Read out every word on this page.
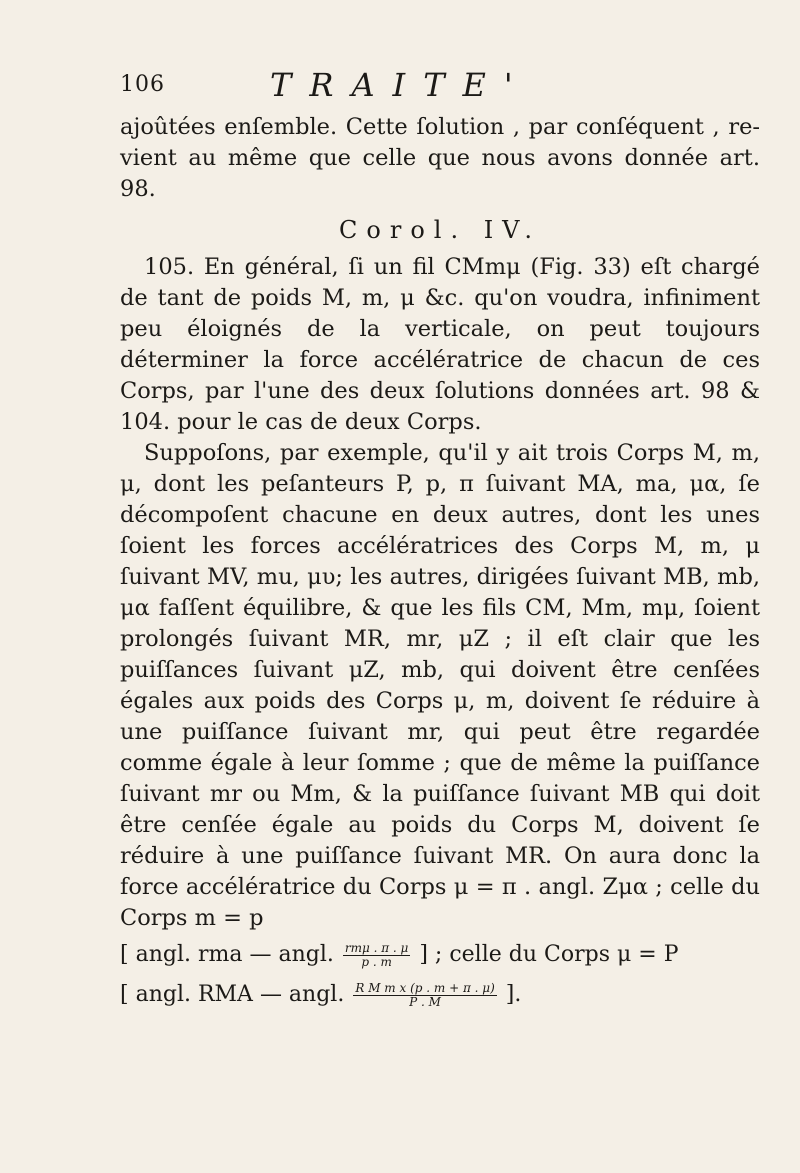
106	TRAITE'

ajoûtées enſemble. Cette ſolution , par conſéquent , re-vient au même que celle que nous avons donnée art. 98.

Corol. IV.

105. En général, ſi un fil CMmμ (Fig. 33) eſt chargé de tant de poids M, m, μ &c. qu'on voudra, infiniment peu éloignés de la verticale, on peut toujours déterminer la force accélératrice de chacun de ces Corps, par l'une des deux ſolutions données art. 98 & 104. pour le cas de deux Corps.

Suppoſons, par exemple, qu'il y ait trois Corps M, m, μ, dont les peſanteurs P, p, π ſuivant MA, ma, μα, ſe décompoſent chacune en deux autres, dont les unes ſoient les forces accélératrices des Corps M, m, μ ſuivant MV, mu, μυ; les autres, dirigées ſuivant MB, mb, μα faſſent équilibre, & que les fils CM, Mm, mμ, ſoient prolongés ſuivant MR, mr, μZ ; il eſt clair que les puiſſances ſuivant μZ, mb, qui doivent être cenſées égales aux poids des Corps μ, m, doivent ſe réduire à une puiſſance ſuivant mr, qui peut être regardée comme égale à leur ſomme ; que de même la puiſſance ſuivant mr ou Mm, & la puiſſance ſuivant MB qui doit être cenſée égale au poids du Corps M, doivent ſe réduire à une puiſſance ſuivant MR. On aura donc la force accélératrice du Corps μ = π . angl. Zμα ; celle du Corps m = p

[ angl. rma — angl. $\frac{\text{rmμ . π . μ}}{p . m}$ ] ; celle du Corps μ = P
[ angl. RMA — angl. $\frac{\text{R M m x (p . m + π . μ)}}{P . M}$ ].
